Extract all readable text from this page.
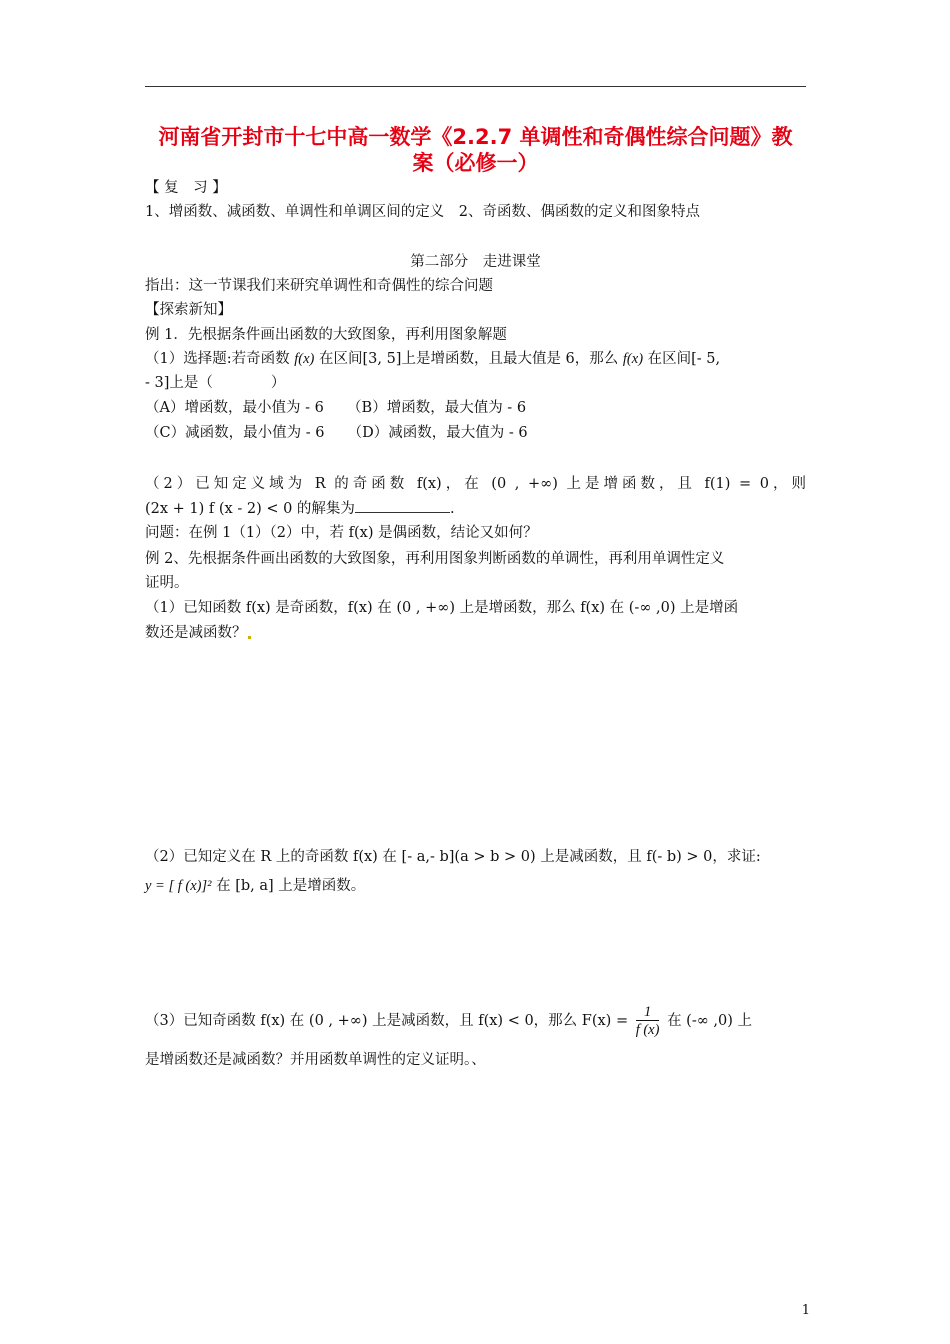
河南省开封市十七中高一数学《2.2.7 单调性和奇偶性综合问题》教
案（必修一）
【 复　习 】
1、增函数、减函数、单调性和单调区间的定义　2、奇函数、偶函数的定义和图象特点
第二部分　走进课堂
指出：这一节课我们来研究单调性和奇偶性的综合问题
【探索新知】
例 1．先根据条件画出函数的大致图象，再利用图象解题
（1）选择题:若奇函数 f(x) 在区间[3, 5]上是增函数，且最大值是 6，那么 f(x) 在区间[- 5,
- 3]上是（　　　　）
（A）增函数，最小值为 - 6 （B）增函数，最大值为 - 6
（C）减函数，最小值为 - 6 （D）减函数，最大值为 - 6
（2）已知定义域为 R 的奇函数 f(x)，在 (0 , +∞) 上是增函数，且 f(1) = 0，则
(2x + 1) f (x - 2) < 0 的解集为	.
问题：在例 1（1）（2）中，若 f(x) 是偶函数，结论又如何？
例 2、先根据条件画出函数的大致图象，再利用图象判断函数的单调性，再利用单调性定义
证明。
（1）已知函数 f(x) 是奇函数，f(x) 在 (0 , +∞) 上是增函数，那么 f(x) 在 (-∞ ,0) 上是增函
数还是减函数？
（2）已知定义在 R 上的奇函数 f(x) 在 [- a,- b](a > b > 0) 上是减函数，且 f(- b) > 0，求证:
y = [ f (x)]² 在 [b, a] 上是增函数。
（3）已知奇函数 f(x) 在 (0 , +∞) 上是减函数，且 f(x) < 0，那么 $F(x) = \frac{1}{f (x)}$ 在 (-∞ ,0) 上
是增函数还是减函数？并用函数单调性的定义证明。、
1
